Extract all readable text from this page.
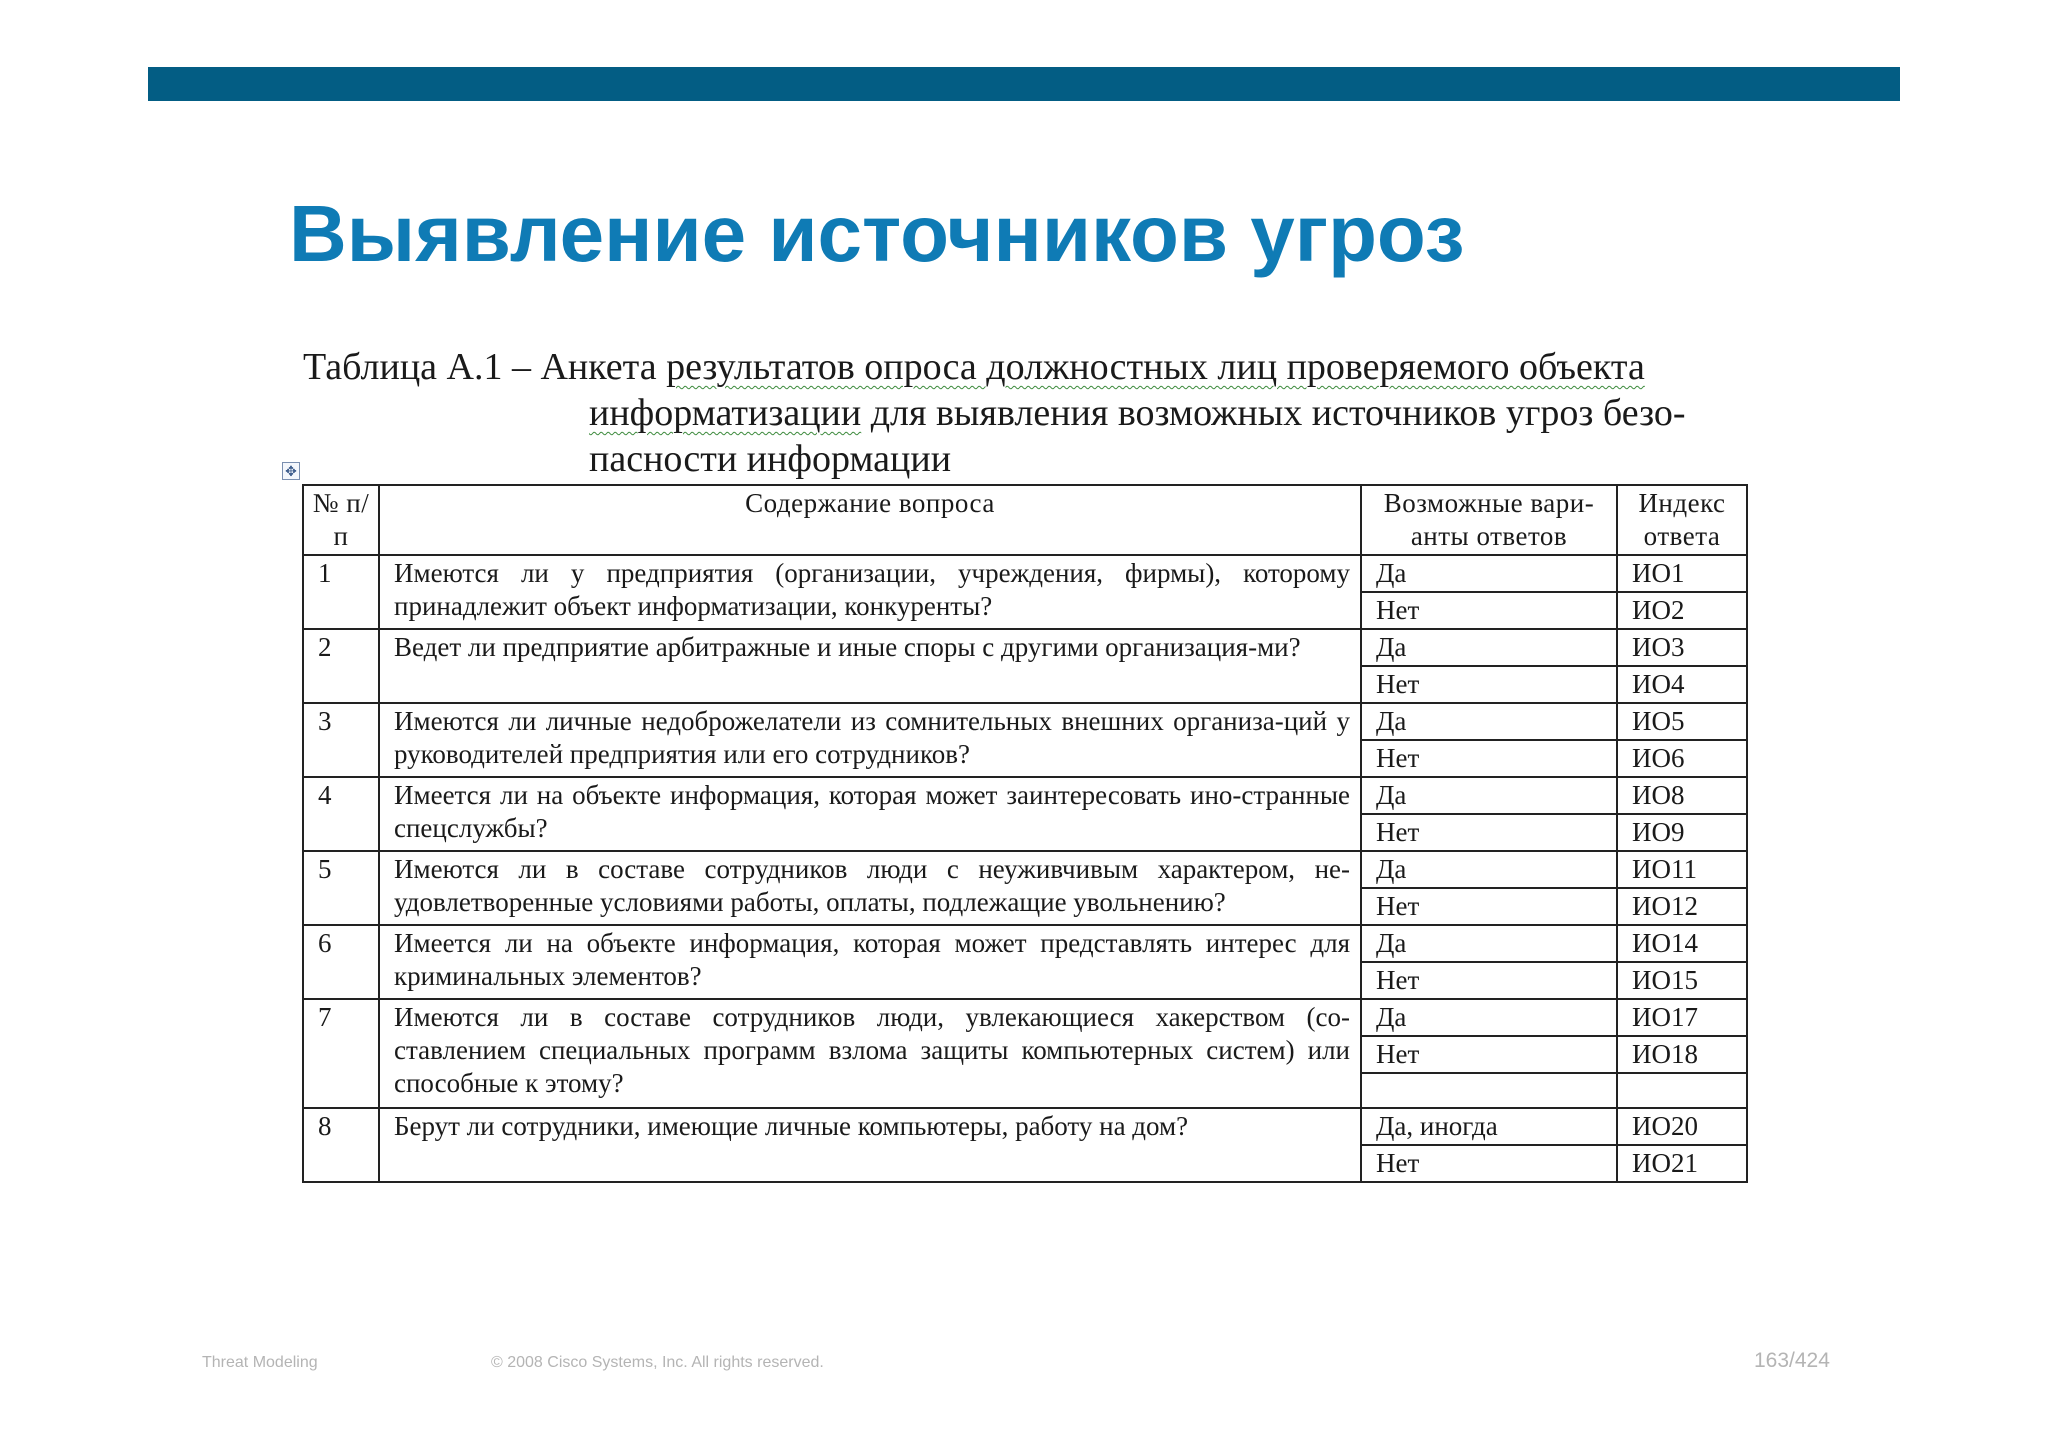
Выявление источников угроз
Таблица А.1 – Анкета результатов опроса должностных лиц проверяемого объекта
информатизации для выявления возможных источников угроз безо-
пасности информации
✥
№ п/п	Содержание вопроса	Возможные вари-анты ответов	Индекс ответа
1	Имеются ли у предприятия (организации, учреждения, фирмы), которому принадлежит объект информатизации, конкуренты?	Да	ИО1
		Нет	ИО2
2	Ведет ли предприятие арбитражные и иные споры с другими организация-ми?	Да	ИО3
		Нет	ИО4
3	Имеются ли личные недоброжелатели из сомнительных внешних организа-ций у руководителей предприятия или его сотрудников?	Да	ИО5
		Нет	ИО6
4	Имеется ли на объекте информация, которая может заинтересовать ино-странные спецслужбы?	Да	ИО8
		Нет	ИО9
5	Имеются ли в составе сотрудников люди с неуживчивым характером, не-удовлетворенные условиями работы, оплаты, подлежащие увольнению?	Да	ИО11
		Нет	ИО12
6	Имеется ли на объекте информация, которая может представлять интерес для криминальных элементов?	Да	ИО14
		Нет	ИО15
7	Имеются ли в составе сотрудников люди, увлекающиеся хакерством (со-ставлением специальных программ взлома защиты компьютерных систем) или способные к этому?	Да	ИО17
		Нет	ИО18

8	Берут ли сотрудники, имеющие личные компьютеры, работу на дом?	Да, иногда	ИО20
		Нет	ИО21
Threat Modeling	© 2008 Cisco Systems, Inc. All rights reserved.	163/424
